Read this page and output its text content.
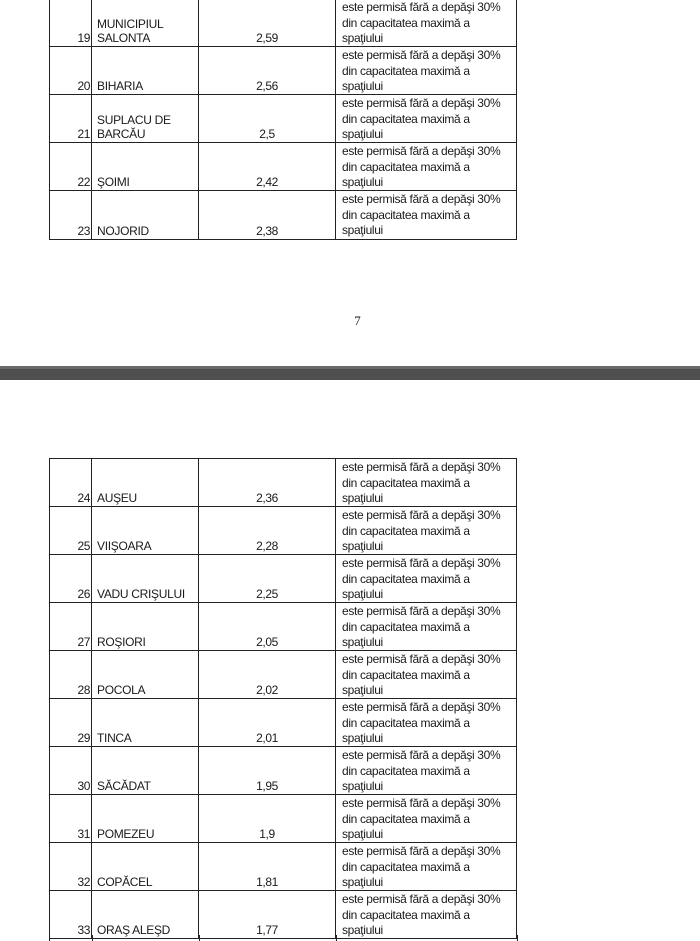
19
MUNICIPIUL
SALONTA	2,59
este permisă fără a depăşi 30%
din capacitatea maximă a
spaţiului
20 BIHARIA	2,56
este permisă fără a depăşi 30%
din capacitatea maximă a
spaţiului
21
SUPLACU DE
BARCĂU	2,5
este permisă fără a depăşi 30%
din capacitatea maximă a
spaţiului
22 ŞOIMI	2,42
este permisă fără a depăşi 30%
din capacitatea maximă a
spaţiului
23 NOJORID	2,38
este permisă fără a depăşi 30%
din capacitatea maximă a
spaţiului
7
24 AUŞEU	2,36
este permisă fără a depăşi 30%
din capacitatea maximă a
spaţiului
25 VIIŞOARA	2,28
este permisă fără a depăşi 30%
din capacitatea maximă a
spaţiului
26 VADU CRIŞULUI	2,25
este permisă fără a depăşi 30%
din capacitatea maximă a
spaţiului
27 ROŞIORI	2,05
este permisă fără a depăşi 30%
din capacitatea maximă a
spaţiului
28 POCOLA	2,02
este permisă fără a depăşi 30%
din capacitatea maximă a
spaţiului
29 TINCA	2,01
este permisă fără a depăşi 30%
din capacitatea maximă a
spaţiului
30 SĂCĂDAT	1,95
este permisă fără a depăşi 30%
din capacitatea maximă a
spaţiului
31 POMEZEU	1,9
este permisă fără a depăşi 30%
din capacitatea maximă a
spaţiului
32 COPĂCEL	1,81
este permisă fără a depăşi 30%
din capacitatea maximă a
spaţiului
33 ORAŞ ALEŞD	1,77
este permisă fără a depăşi 30%
din capacitatea maximă a
spaţiului
